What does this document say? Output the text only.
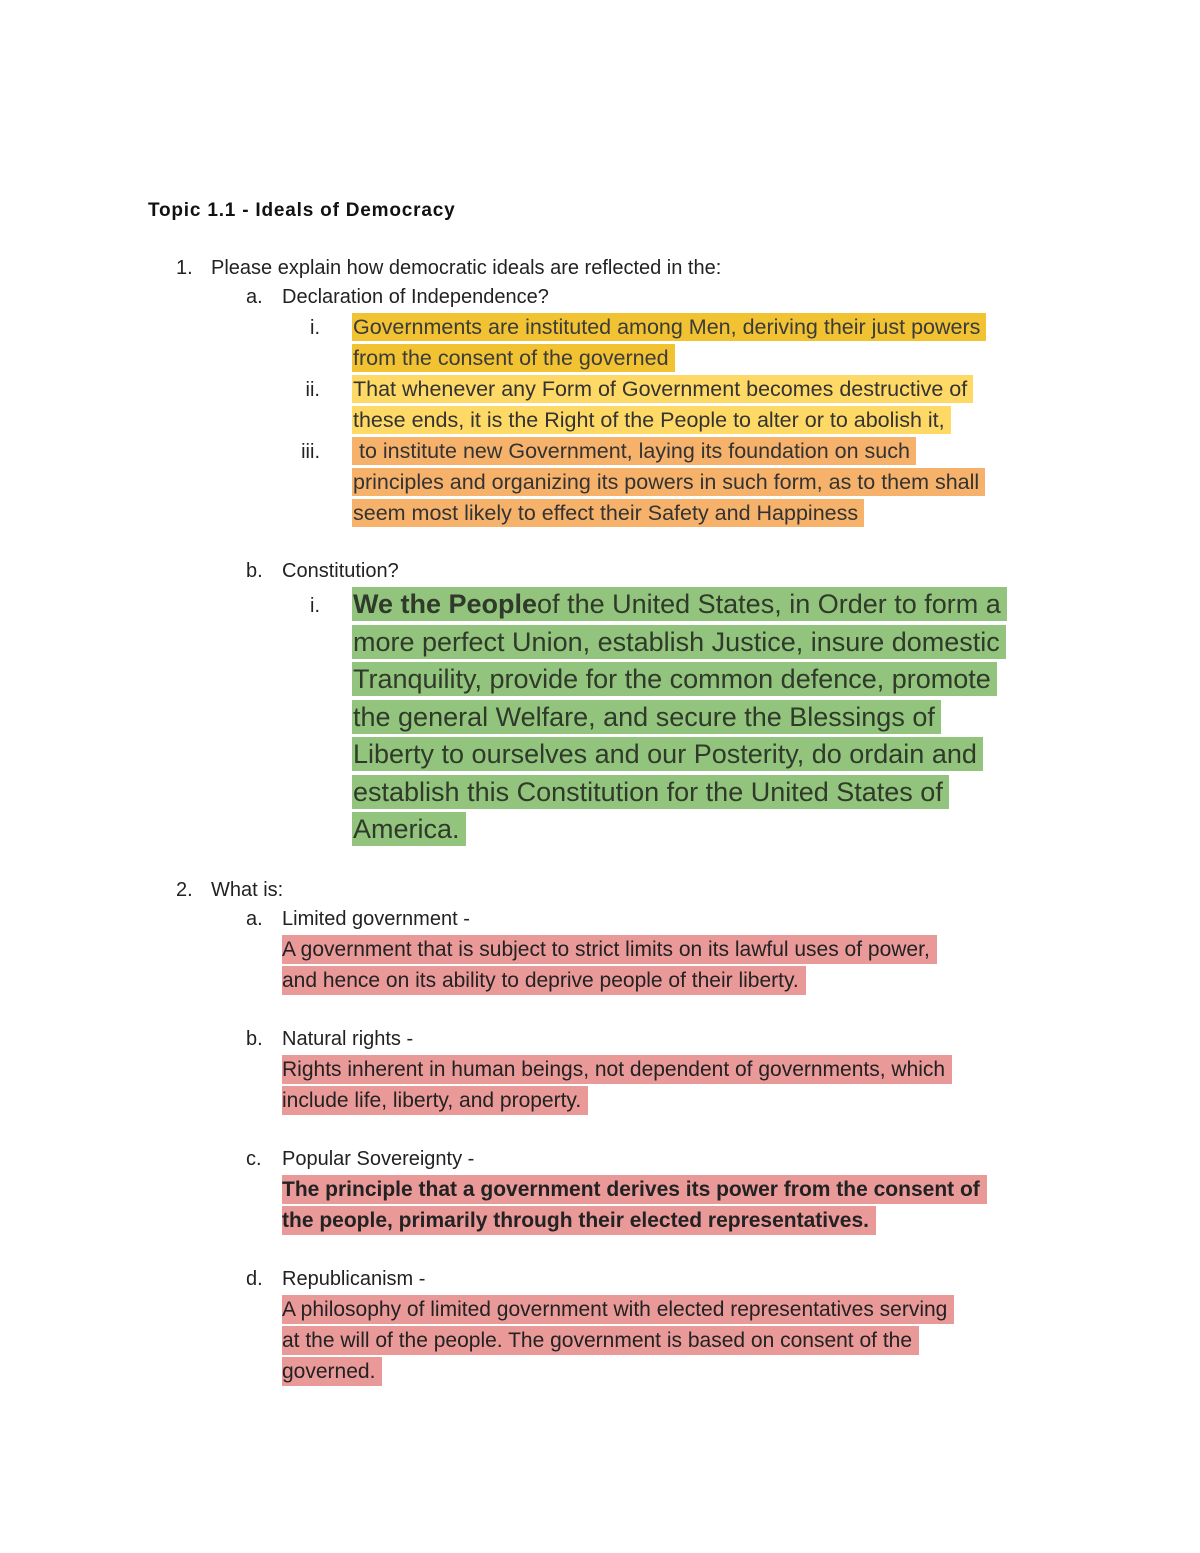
Topic 1.1 - Ideals of Democracy
1. Please explain how democratic ideals are reflected in the:
a. Declaration of Independence?
i. Governments are instituted among Men, deriving their just powers
from the consent of the governed
ii. That whenever any Form of Government becomes destructive of
these ends, it is the Right of the People to alter or to abolish it,
iii. to institute new Government, laying its foundation on such
principles and organizing its powers in such form, as to them shall
seem most likely to effect their Safety and Happiness
b. Constitution?
i. We the Peopleof the United States, in Order to form a
more perfect Union, establish Justice, insure domestic
Tranquility, provide for the common defence, promote
the general Welfare, and secure the Blessings of
Liberty to ourselves and our Posterity, do ordain and
establish this Constitution for the United States of
America.
2. What is:
a. Limited government -
A government that is subject to strict limits on its lawful uses of power,
and hence on its ability to deprive people of their liberty.
b. Natural rights -
Rights inherent in human beings, not dependent of governments, which
include life, liberty, and property.
c. Popular Sovereignty -
The principle that a government derives its power from the consent of
the people, primarily through their elected representatives.
d. Republicanism -
A philosophy of limited government with elected representatives serving
at the will of the people. The government is based on consent of the
governed.
